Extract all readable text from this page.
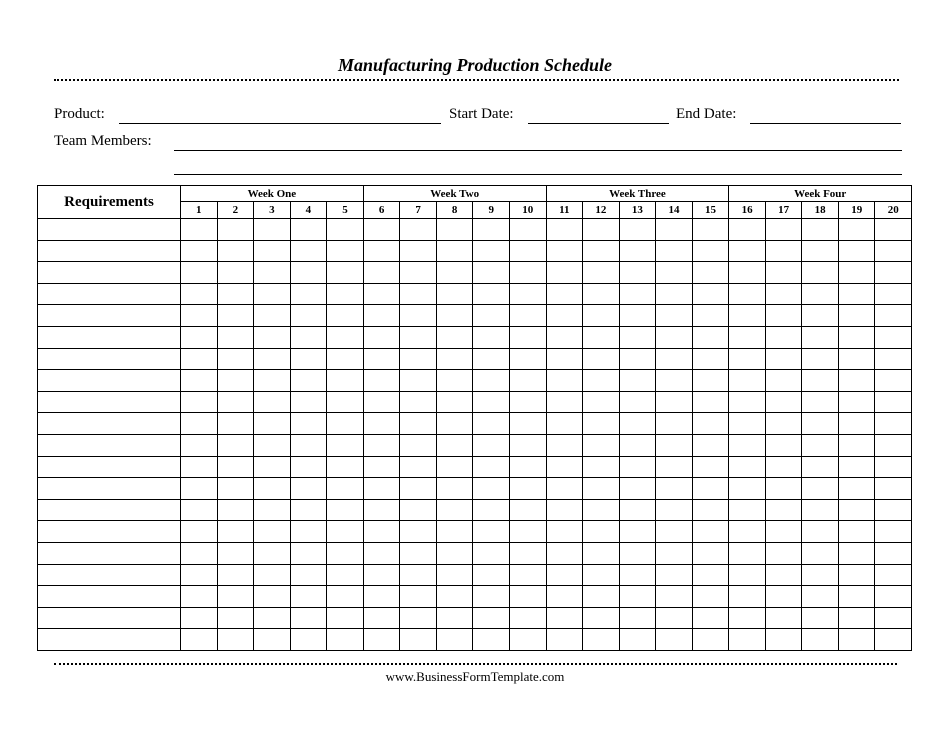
Manufacturing Production Schedule
Product:	Start Date:	End Date:
Team Members:
Requirements	Week One					Week Two					Week Three					Week Four				
	1	2	3	4	5	6	7	8	9	10	11	12	13	14	15	16	17	18	19	20

www.BusinessFormTemplate.com
